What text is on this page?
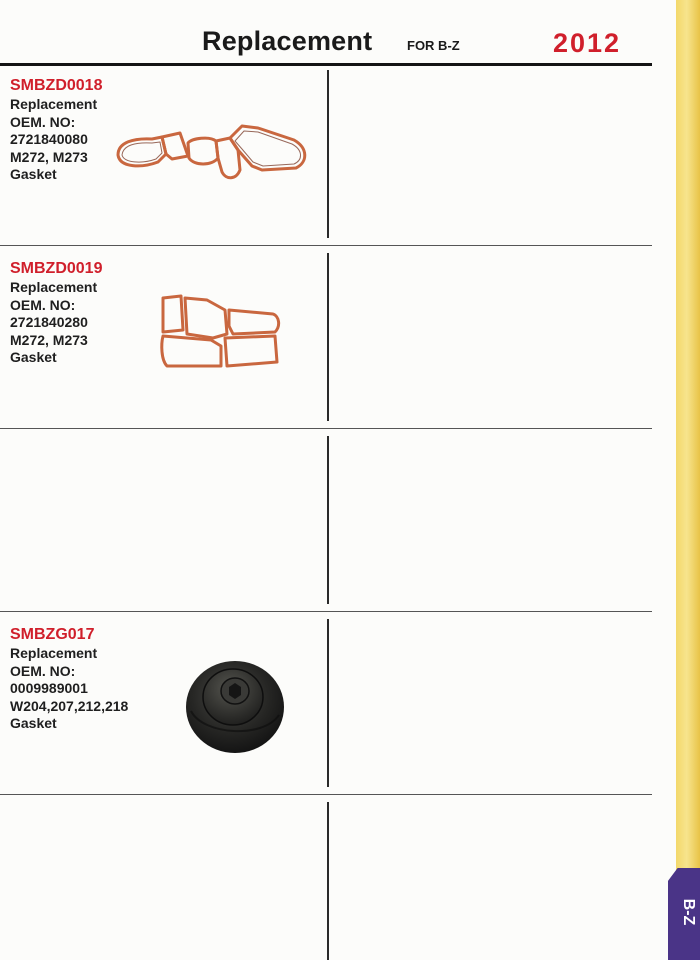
Replacement	FOR B-Z	2012
SMBZD0018
Replacement
OEM. NO:
2721840080
M272, M273
Gasket
SMBZD0019
Replacement
OEM. NO:
2721840280
M272, M273
Gasket
SMBZG017
Replacement
OEM. NO:
0009989001
W204,207,212,218
Gasket
B-Z
